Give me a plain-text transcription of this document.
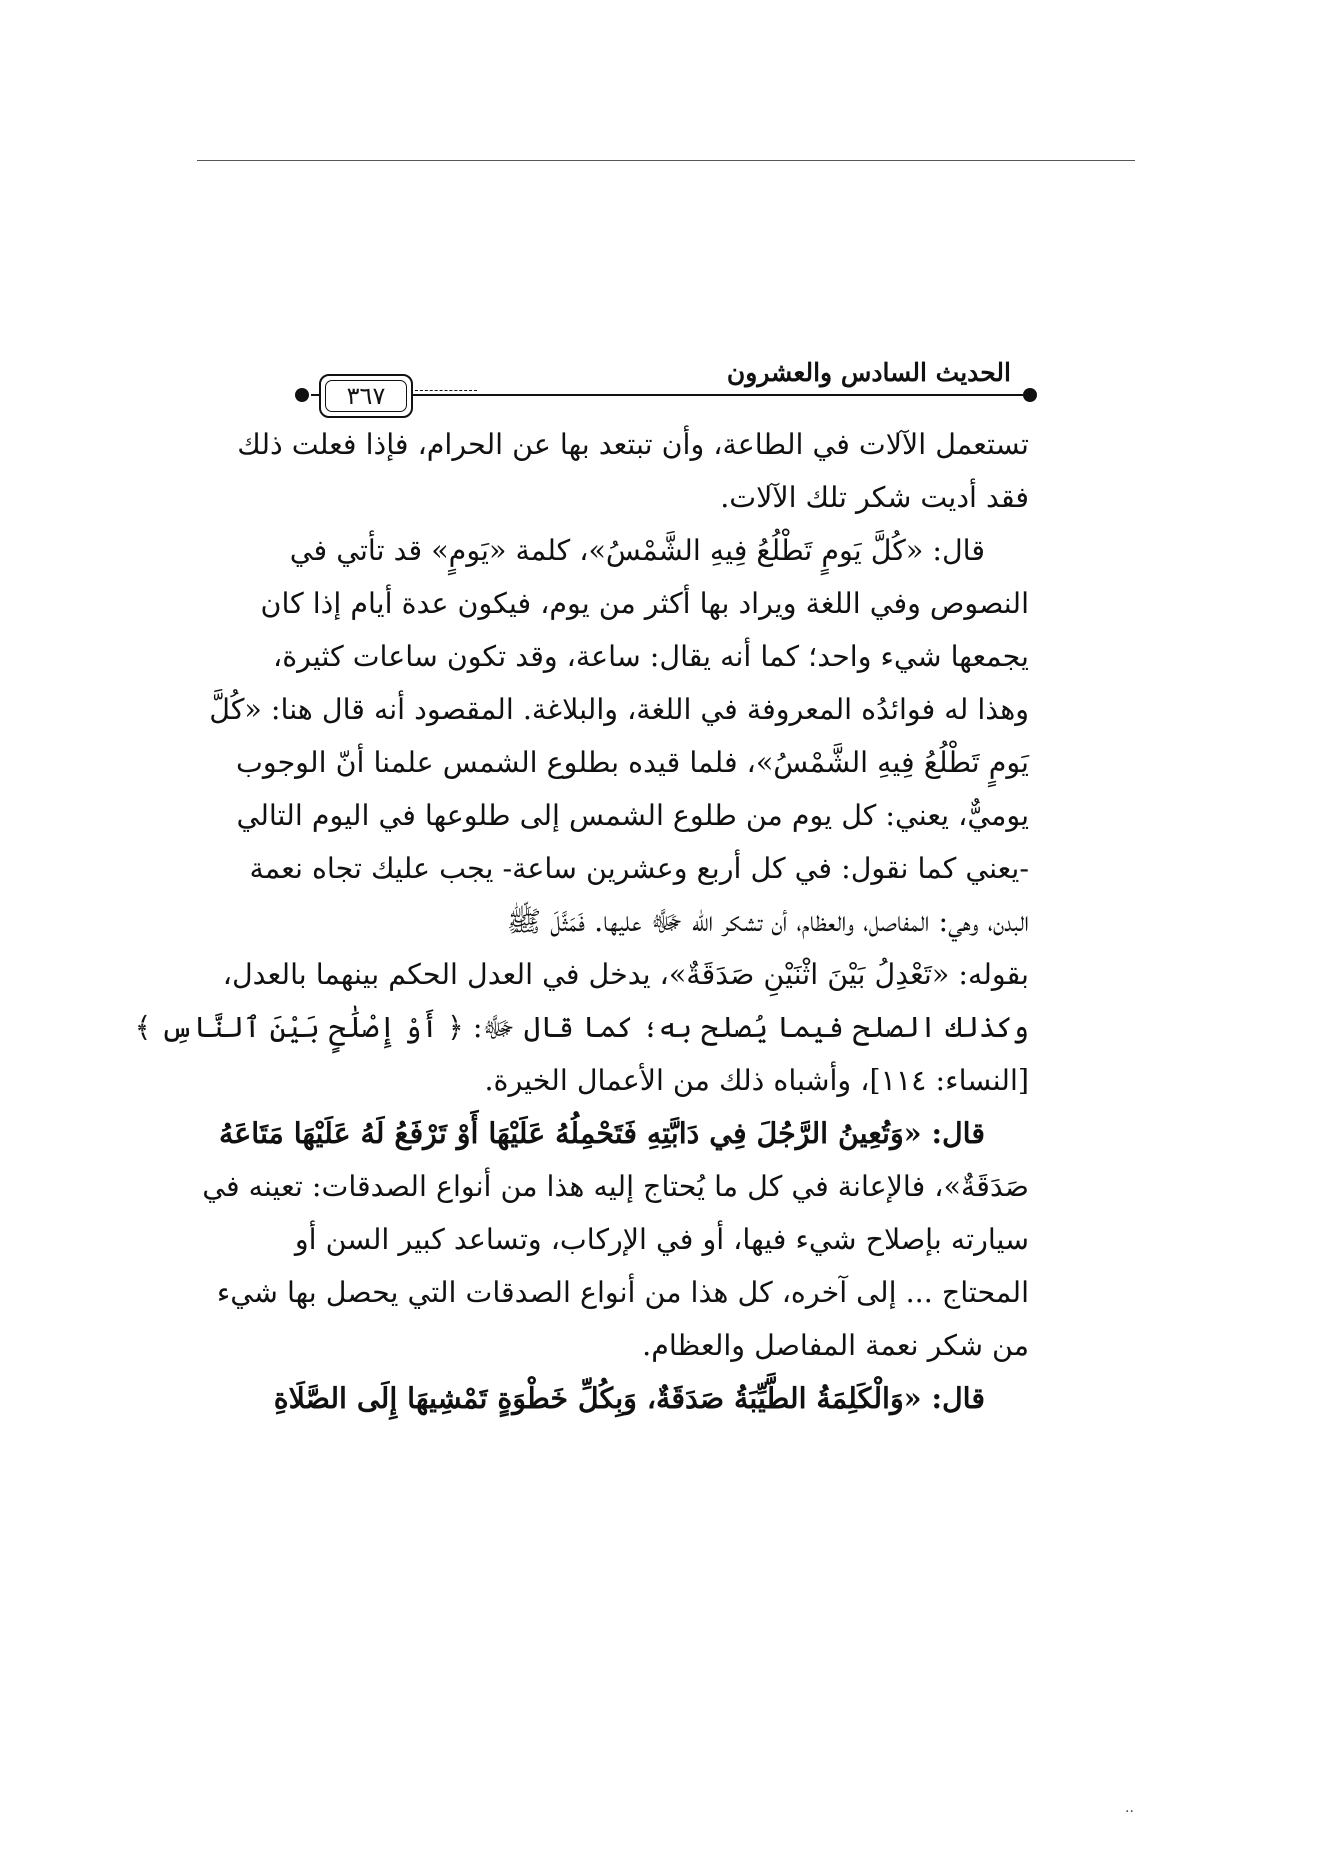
٣٦٧
الحديث السادس والعشرون
تستعمل الآلات في الطاعة، وأن تبتعد بها عن الحرام، فإذا فعلت ذلك
فقد أديت شكر تلك الآلات.
قال: «كُلَّ يَومٍ تَطْلُعُ فِيهِ الشَّمْسُ»، كلمة «يَومٍ» قد تأتي في
النصوص وفي اللغة ويراد بها أكثر من يوم، فيكون عدة أيام إذا كان
يجمعها شيء واحد؛ كما أنه يقال: ساعة، وقد تكون ساعات كثيرة،
وهذا له فوائدُه المعروفة في اللغة، والبلاغة. المقصود أنه قال هنا: «كُلَّ
يَومٍ تَطْلُعُ فِيهِ الشَّمْسُ»، فلما قيده بطلوع الشمس علمنا أنّ الوجوب
يوميٌّ، يعني: كل يوم من طلوع الشمس إلى طلوعها في اليوم التالي
-يعني كما نقول: في كل أربع وعشرين ساعة- يجب عليك تجاه نعمة
البدن، وهي: المفاصل، والعظام، أن تشكر الله ﷻ عليها. فَمَثَّلَ ﷺ
بقوله: «تَعْدِلُ بَيْنَ اثْنَيْنِ صَدَقَةٌ»، يدخل في العدل الحكم بينهما بالعدل،
وكذلك الصلح فيما يُصلح به؛ كما قال ﷻ: ﴿ أَوْ إِصْلَٰحٍ بَيْنَ ٱلنَّاسِ ﴾
[النساء: ١١٤]، وأشباه ذلك من الأعمال الخيرة.
قال: «وَتُعِينُ الرَّجُلَ فِي دَابَّتِهِ فَتَحْمِلُهُ عَلَيْهَا أَوْ تَرْفَعُ لَهُ عَلَيْهَا مَتَاعَهُ
صَدَقَةٌ»، فالإعانة في كل ما يُحتاج إليه هذا من أنواع الصدقات: تعينه في
سيارته بإصلاح شيء فيها، أو في الإركاب، وتساعد كبير السن أو
المحتاج ... إلى آخره، كل هذا من أنواع الصدقات التي يحصل بها شيء
من شكر نعمة المفاصل والعظام.
قال: «وَالْكَلِمَةُ الطَّيِّبَةُ صَدَقَةٌ، وَبِكُلِّ خَطْوَةٍ تَمْشِيهَا إِلَى الصَّلَاةِ
..
